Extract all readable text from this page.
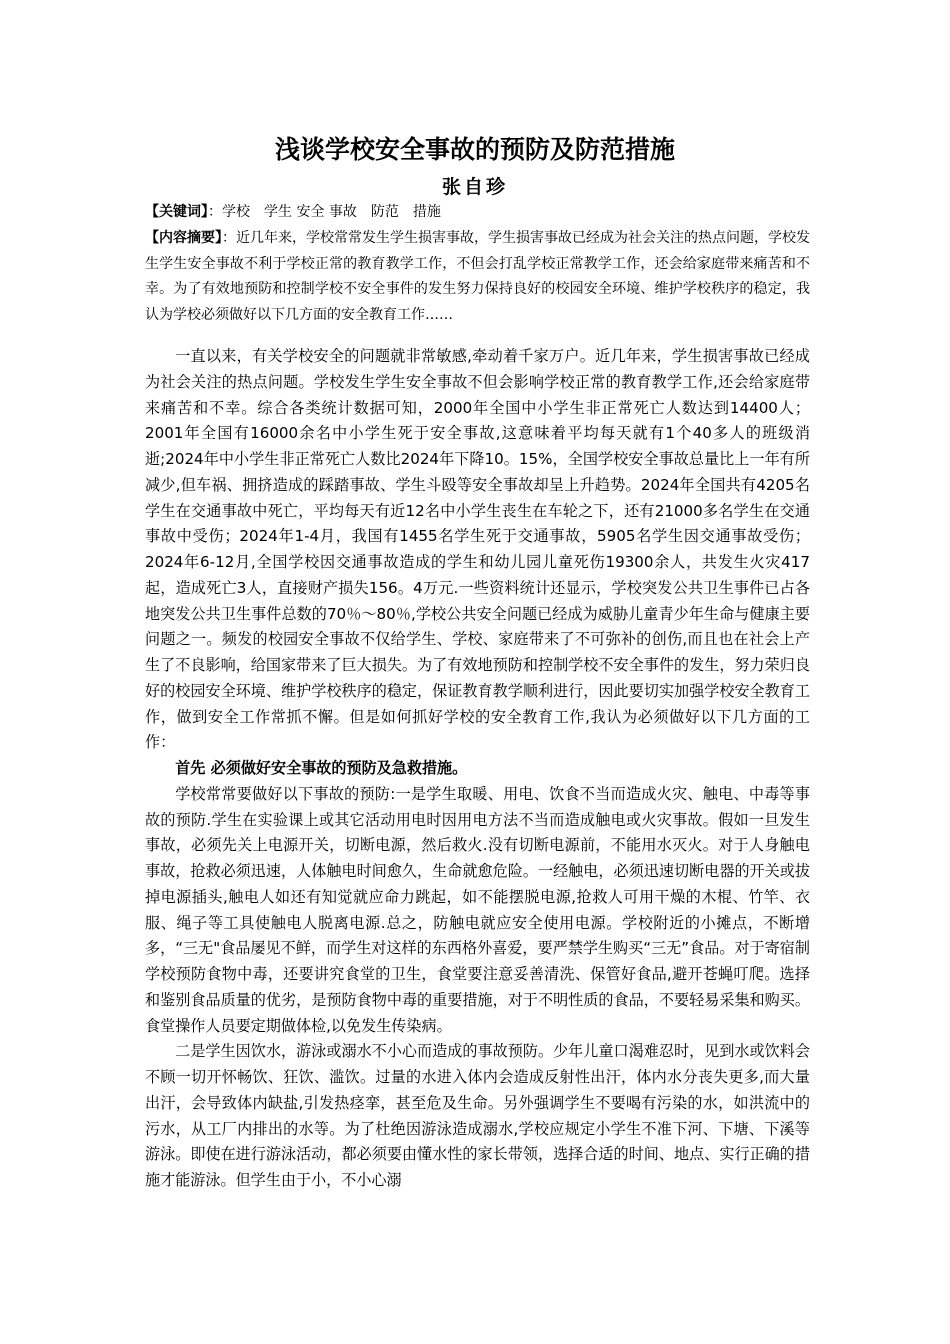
浅谈学校安全事故的预防及防范措施
张自珍
【关键词】：学校　学生 安全 事故　防范　措施
【内容摘要】：近几年来，学校常常发生学生损害事故，学生损害事故已经成为社会关注的热点问题，学校发生学生安全事故不利于学校正常的教育教学工作，不但会打乱学校正常教学工作，还会给家庭带来痛苦和不幸。为了有效地预防和控制学校不安全事件的发生努力保持良好的校园安全环境、维护学校秩序的稳定，我认为学校必须做好以下几方面的安全教育工作……

一直以来，有关学校安全的问题就非常敏感,牵动着千家万户。近几年来，学生损害事故已经成为社会关注的热点问题。学校发生学生安全事故不但会影响学校正常的教育教学工作,还会给家庭带来痛苦和不幸。综合各类统计数据可知，2000年全国中小学生非正常死亡人数达到14400人；2001年全国有16000余名中小学生死于安全事故,这意味着平均每天就有1个40多人的班级消逝;2024年中小学生非正常死亡人数比2024年下降10。15%，全国学校安全事故总量比上一年有所减少,但车祸、拥挤造成的踩踏事故、学生斗殴等安全事故却呈上升趋势。2024年全国共有4205名学生在交通事故中死亡，平均每天有近12名中小学生丧生在车轮之下，还有21000多名学生在交通事故中受伤；2024年1-4月，我国有1455名学生死于交通事故，5905名学生因交通事故受伤；2024年6-12月,全国学校因交通事故造成的学生和幼儿园儿童死伤19300余人，共发生火灾417起，造成死亡3人，直接财产损失156。4万元.一些资料统计还显示，学校突发公共卫生事件已占各地突发公共卫生事件总数的70％～80％,学校公共安全问题已经成为威胁儿童青少年生命与健康主要问题之一。频发的校园安全事故不仅给学生、学校、家庭带来了不可弥补的创伤,而且也在社会上产生了不良影响，给国家带来了巨大损失。为了有效地预防和控制学校不安全事件的发生，努力荣归良好的校园安全环境、维护学校秩序的稳定，保证教育教学顺利进行，因此要切实加强学校安全教育工作，做到安全工作常抓不懈。但是如何抓好学校的安全教育工作,我认为必须做好以下几方面的工作：

首先 必须做好安全事故的预防及急救措施。

学校常常要做好以下事故的预防:一是学生取暖、用电、饮食不当而造成火灾、触电、中毒等事故的预防.学生在实验课上或其它活动用电时因用电方法不当而造成触电或火灾事故。假如一旦发生事故，必须先关上电源开关，切断电源，然后救火.没有切断电源前，不能用水灭火。对于人身触电事故，抢救必须迅速，人体触电时间愈久，生命就愈危险。一经触电，必须迅速切断电器的开关或拔掉电源插头,触电人如还有知觉就应命力跳起，如不能摆脱电源,抢救人可用干燥的木棍、竹竿、衣服、绳子等工具使触电人脱离电源.总之，防触电就应安全使用电源。学校附近的小摊点，不断增多，“三无"食品屡见不鲜，而学生对这样的东西格外喜爱，要严禁学生购买“三无”食品。对于寄宿制学校预防食物中毒，还要讲究食堂的卫生，食堂要注意妥善清洗、保管好食品,避开苍蝇叮爬。选择和鉴别食品质量的优劣，是预防食物中毒的重要措施，对于不明性质的食品，不要轻易采集和购买。食堂操作人员要定期做体检,以免发生传染病。

二是学生因饮水，游泳或溺水不小心而造成的事故预防。少年儿童口渴难忍时，见到水或饮料会不顾一切开怀畅饮、狂饮、滥饮。过量的水进入体内会造成反射性出汗，体内水分丧失更多,而大量出汗，会导致体内缺盐,引发热痉挛，甚至危及生命。另外强调学生不要喝有污染的水，如洪流中的污水，从工厂内排出的水等。为了杜绝因游泳造成溺水,学校应规定小学生不准下河、下塘、下溪等游泳。即使在进行游泳活动，都必须要由懂水性的家长带领，选择合适的时间、地点、实行正确的措施才能游泳。但学生由于小，不小心溺
